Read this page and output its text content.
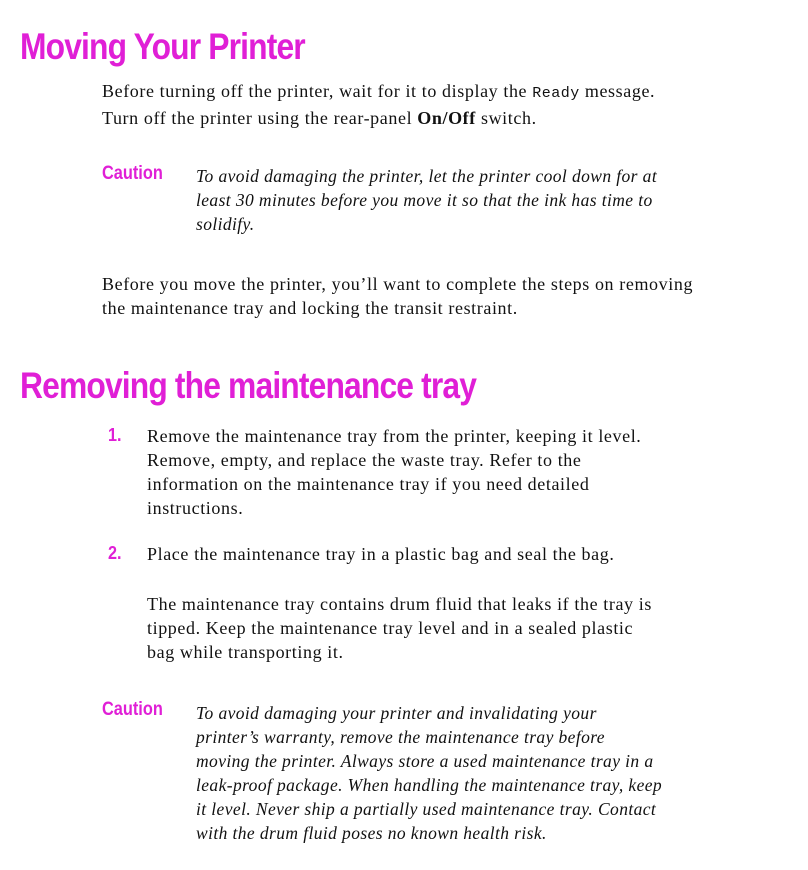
Moving Your Printer

Before turning off the printer, wait for it to display the Ready message.
Turn off the printer using the rear-panel On/Off switch.

Caution To avoid damaging the printer, let the printer cool down for at
least 30 minutes before you move it so that the ink has time to
solidify.

Before you move the printer, you’ll want to complete the steps on removing
the maintenance tray and locking the transit restraint.

Removing the maintenance tray

1. Remove the maintenance tray from the printer, keeping it level.
Remove, empty, and replace the waste tray. Refer to the
information on the maintenance tray if you need detailed
instructions.

2. Place the maintenance tray in a plastic bag and seal the bag.

The maintenance tray contains drum fluid that leaks if the tray is
tipped. Keep the maintenance tray level and in a sealed plastic
bag while transporting it.

Caution To avoid damaging your printer and invalidating your
printer’s warranty, remove the maintenance tray before
moving the printer. Always store a used maintenance tray in a
leak-proof package. When handling the maintenance tray, keep
it level. Never ship a partially used maintenance tray. Contact
with the drum fluid poses no known health risk.
